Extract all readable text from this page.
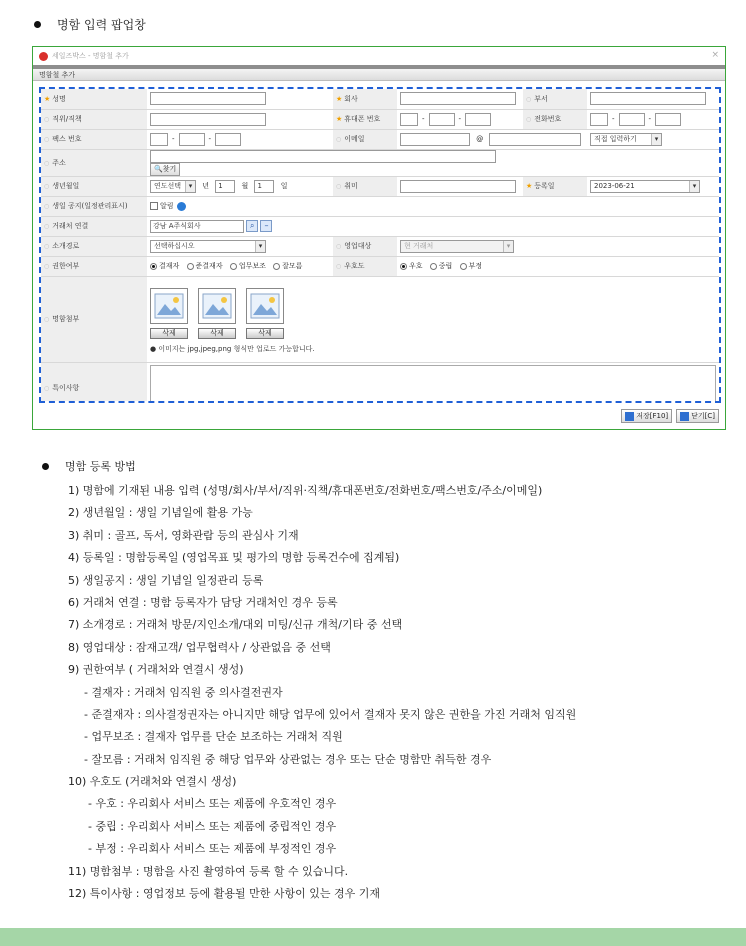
명함 입력 팝업창
세일즈박스 - 명함철 추가	×
명함철 추가
★ 성명		★ 회사		○ 부서	
○ 직위/직책		★ 휴대폰 번호	- -	○ 전화번호	- -
○ 팩스 번호	- -	○ 이메일	@		직접 입력하기 ▾
○ 주소	🔍찾기				
○ 생년월일	연도선택 ▾ 년 1 월 1 일	○ 취미		★ 등록일	2023-06-21 ▾
○ 생일 공지(일정관리표시)	알림				
○ 거래처 연결	강남 A주식회사 ⌕ –				
○ 소개경로	선택하십시오 ▾	○ 영업대상	현 거래처 ▾		
○ 권한여부	결재자 준결재자 업무보조 잘모름	○ 우호도	우호 중립 부정		
○ 명함첨부	삭제 삭제 삭제
● 이미지는 jpg,jpeg,png 형식만 업로드 가능합니다.				

○ 특이사항	
저장[F10]	닫기[C]
명함 등록 방법
1) 명함에 기재된 내용 입력 (성명/회사/부서/직위·직책/휴대폰번호/전화번호/팩스번호/주소/이메일)
2) 생년월일 : 생일 기념일에 활용 가능
3) 취미 : 골프, 독서, 영화관람 등의 관심사 기재
4) 등록일 : 명함등록일 (영업목표 및 평가의 명함 등록건수에 집계됨)
5) 생일공지 : 생일 기념일 일정관리 등록
6) 거래처 연결 : 명함 등록자가 담당 거래처인 경우 등록
7) 소개경로 : 거래처 방문/지인소개/대외 미팅/신규 개척/기타 중 선택
8) 영업대상 : 잠재고객/ 업무협력사 / 상관없음 중 선택
9) 권한여부 ( 거래처와 연결시 생성)
- 결재자 : 거래처 임직원 중 의사결전권자
- 준결재자 : 의사결정권자는 아니지만 해당 업무에 있어서 결재자 못지 않은 권한을 가진 거래처 임직원
- 업무보조 : 결재자 업무를 단순 보조하는 거래처 직원
- 잘모름 : 거래처 임직원 중 해당 업무와 상관없는 경우 또는 단순 명함만 취득한 경우
10) 우호도 (거래처와 연결시 생성)
- 우호 : 우리회사 서비스 또는 제품에 우호적인 경우
- 중립 : 우리회사 서비스 또는 제품에 중립적인 경우
- 부정 : 우리회사 서비스 또는 제품에 부정적인 경우
11) 명함첨부 : 명함을 사진 촬영하여 등록 할 수 있습니다.
12) 특이사항 : 영업정보 등에 활용될 만한 사항이 있는 경우 기재
